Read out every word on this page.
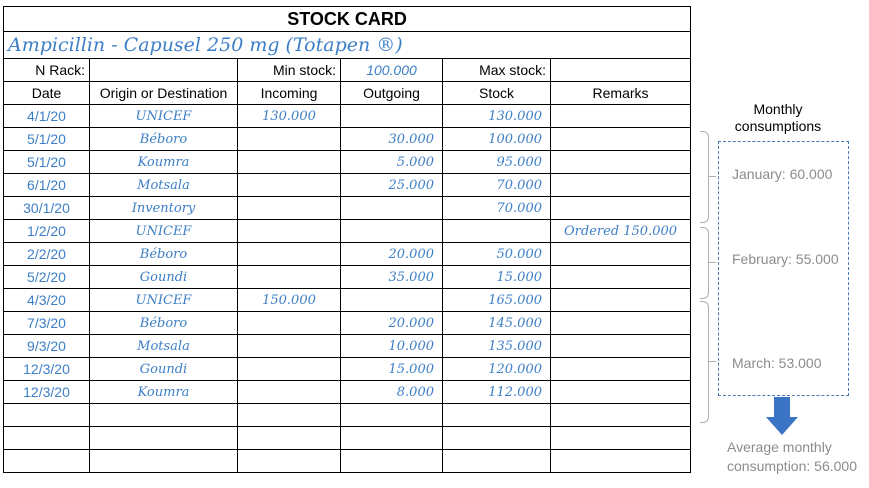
STOCK CARD					
Ampicillin - Capusel 250 mg (Totapen ®)					
N Rack:		Min stock:	100.000	Max stock:	
Date	Origin or Destination	Incoming	Outgoing	Stock	Remarks
4/1/20	UNICEF	130.000		130.000	
5/1/20	Béboro		30.000	100.000	
5/1/20	Koumra		5.000	95.000	
6/1/20	Motsala		25.000	70.000	
30/1/20	Inventory			70.000	
1/2/20	UNICEF				Ordered 150.000
2/2/20	Béboro		20.000	50.000	
5/2/20	Goundi		35.000	15.000	
4/3/20	UNICEF	150.000		165.000	
7/3/20	Béboro		20.000	145.000	
9/3/20	Motsala		10.000	135.000	
12/3/20	Goundi		15.000	120.000	
12/3/20	Koumra		8.000	112.000	

Monthly consumptions
January: 60.000
February: 55.000
March: 53.000
Average monthly consumption: 56.000
